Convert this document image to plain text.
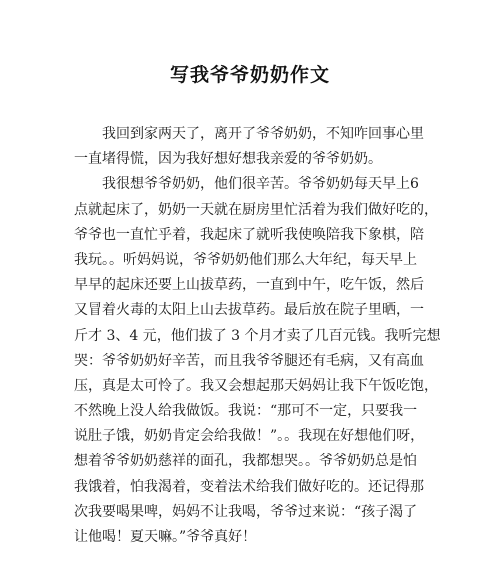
写我爷爷奶奶作文
我回到家两天了，离开了爷爷奶奶，不知咋回事心里
一直堵得慌，因为我好想好想我亲爱的爷爷奶奶。
我很想爷爷奶奶，他们很辛苦。爷爷奶奶每天早上6
点就起床了，奶奶一天就在厨房里忙活着为我们做好吃的，
爷爷也一直忙乎着，我起床了就听我使唤陪我下象棋，陪
我玩。。听妈妈说，爷爷奶奶他们那么大年纪，每天早上
早早的起床还要上山拔草药，一直到中午，吃午饭，然后
又冒着火毒的太阳上山去拔草药。最后放在院子里晒，一
斤才 3、4 元，他们拔了 3 个月才卖了几百元钱。我听完想
哭：爷爷奶奶好辛苦，而且我爷爷腿还有毛病，又有高血
压，真是太可怜了。我又会想起那天妈妈让我下午饭吃饱，
不然晚上没人给我做饭。我说：“那可不一定，只要我一
说肚子饿，奶奶肯定会给我做！”。。我现在好想他们呀，
想着爷爷奶奶慈祥的面孔，我都想哭。。爷爷奶奶总是怕
我饿着，怕我渴着，变着法术给我们做好吃的。还记得那
次我要喝果啤，妈妈不让我喝，爷爷过来说：“孩子渴了
让他喝！夏天嘛。”爷爷真好！
